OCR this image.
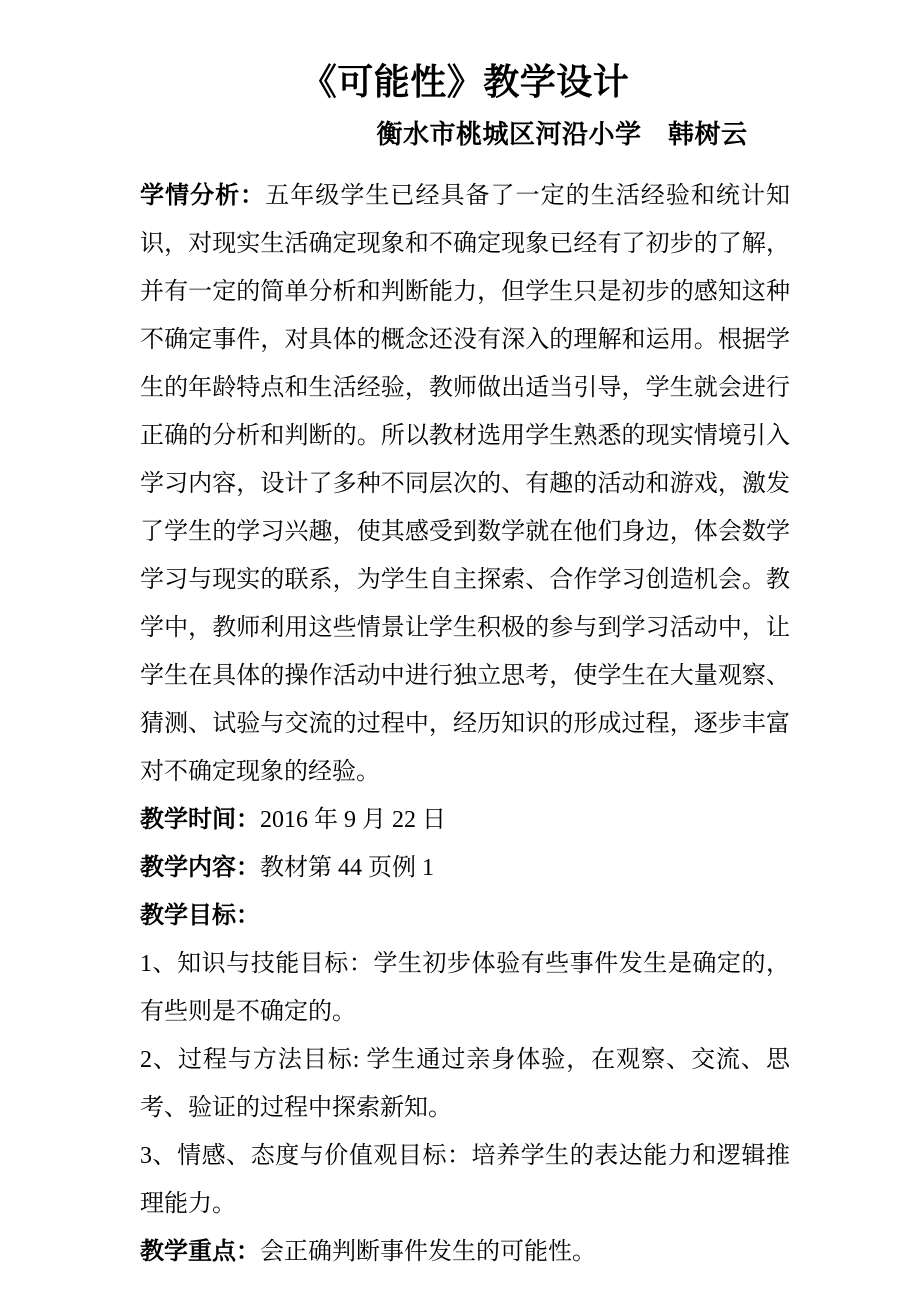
《可能性》教学设计
衡水市桃城区河沿小学　韩树云

学情分析：五年级学生已经具备了一定的生活经验和统计知识，对现实生活确定现象和不确定现象已经有了初步的了解，并有一定的简单分析和判断能力，但学生只是初步的感知这种不确定事件，对具体的概念还没有深入的理解和运用。根据学生的年龄特点和生活经验，教师做出适当引导，学生就会进行正确的分析和判断的。所以教材选用学生熟悉的现实情境引入学习内容，设计了多种不同层次的、有趣的活动和游戏，激发了学生的学习兴趣，使其感受到数学就在他们身边，体会数学学习与现实的联系，为学生自主探索、合作学习创造机会。教学中，教师利用这些情景让学生积极的参与到学习活动中，让学生在具体的操作活动中进行独立思考，使学生在大量观察、猜测、试验与交流的过程中，经历知识的形成过程，逐步丰富对不确定现象的经验。

教学时间：2016 年 9 月 22 日

教学内容：教材第 44 页例 1

教学目标：

1、知识与技能目标：学生初步体验有些事件发生是确定的，有些则是不确定的。

2、过程与方法目标: 学生通过亲身体验，在观察、交流、思考、验证的过程中探索新知。

3、情感、态度与价值观目标：培养学生的表达能力和逻辑推理能力。

教学重点：会正确判断事件发生的可能性。
